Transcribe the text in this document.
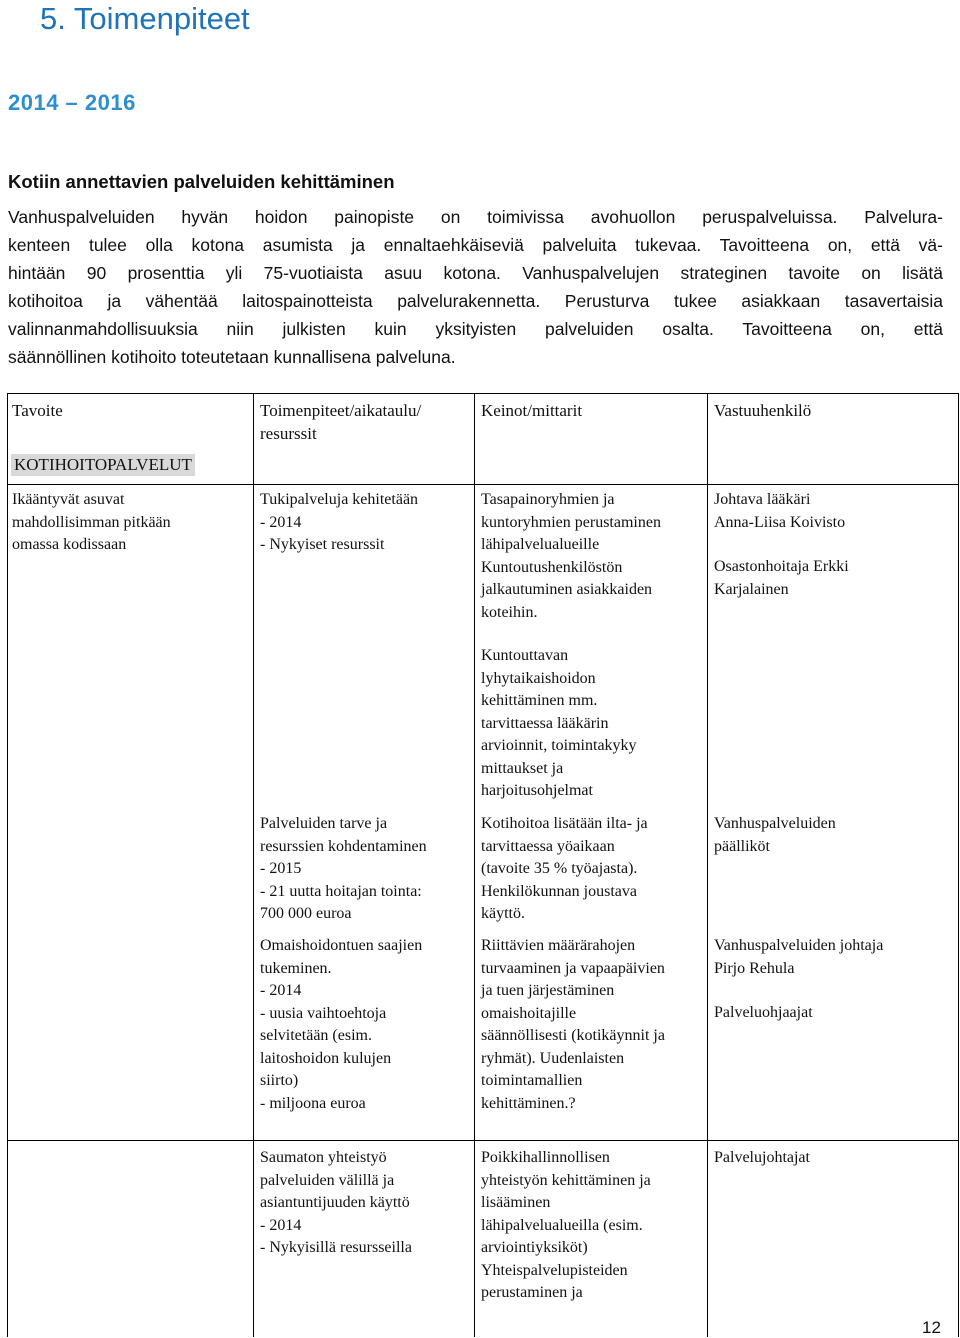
5. Toimenpiteet
2014 – 2016
Kotiin annettavien palveluiden kehittäminen
Vanhuspalveluiden hyvän hoidon painopiste on toimivissa avohuollon peruspalveluissa. Palvelura-
kenteen tulee olla kotona asumista ja ennaltaehkäiseviä palveluita tukevaa. Tavoitteena on, että vä-
hintään 90 prosenttia yli 75-vuotiaista asuu kotona. Vanhuspalvelujen strateginen tavoite on lisätä
kotihoitoa ja vähentää laitospainotteista palvelurakennetta. Perusturva tukee asiakkaan tasavertaisia
valinnanmahdollisuuksia niin julkisten kuin yksityisten palveluiden osalta. Tavoitteena on, että
säännöllinen kotihoito toteutetaan kunnallisena palveluna.
Tavoite	Toimenpiteet/aikataulu/
resurssit
Keinot/mittarit	Vastuuhenkilö
KOTIHOITOPALVELUT
Ikääntyvät asuvat
mahdollisimman pitkään
omassa kodissaan
Tukipalveluja kehitetään
- 2014
- Nykyiset resurssit
Tasapainoryhmien ja
kuntoryhmien perustaminen
lähipalvelualueille
Kuntoutushenkilöstön
jalkautuminen asiakkaiden
koteihin.
Kuntouttavan
lyhytaikaishoidon
kehittäminen mm.
tarvittaessa lääkärin
arvioinnit, toimintakyky
mittaukset ja
harjoitusohjelmat
Johtava lääkäri
Anna-Liisa Koivisto
Osastonhoitaja Erkki
Karjalainen
Palveluiden tarve ja
resurssien kohdentaminen
- 2015
- 21 uutta hoitajan tointa:
700 000 euroa
Kotihoitoa lisätään ilta- ja
tarvittaessa yöaikaan
(tavoite 35 % työajasta).
Henkilökunnan joustava
käyttö.
Vanhuspalveluiden
päälliköt
Omaishoidontuen saajien
tukeminen.
- 2014
- uusia vaihtoehtoja
selvitetään (esim.
laitoshoidon kulujen
siirto)
- miljoona euroa
Riittävien määrärahojen
turvaaminen ja vapaapäivien
ja tuen järjestäminen
omaishoitajille
säännöllisesti (kotikäynnit ja
ryhmät). Uudenlaisten
toimintamallien
kehittäminen.?
Vanhuspalveluiden johtaja
Pirjo Rehula
Palveluohjaajat
Saumaton yhteistyö
palveluiden välillä ja
asiantuntijuuden käyttö
- 2014
- Nykyisillä resursseilla
Poikkihallinnollisen
yhteistyön kehittäminen ja
lisääminen
lähipalvelualueilla (esim.
arviointiyksiköt)
Yhteispalvelupisteiden
perustaminen ja
Palvelujohtajat
12
